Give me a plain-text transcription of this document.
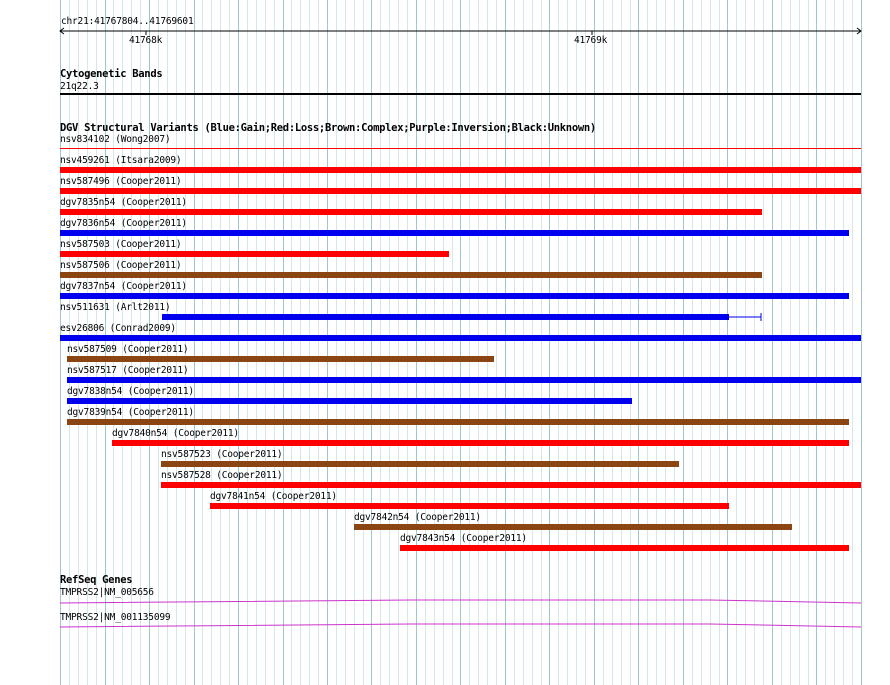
chr21:41767804..41769601
41768k	41769k
Cytogenetic Bands
21q22.3
DGV Structural Variants (Blue:Gain;Red:Loss;Brown:Complex;Purple:Inversion;Black:Unknown)
nsv834102 (Wong2007)
nsv459261 (Itsara2009)
nsv587496 (Cooper2011)
dgv7835n54 (Cooper2011)
dgv7836n54 (Cooper2011)
nsv587503 (Cooper2011)
nsv587506 (Cooper2011)
dgv7837n54 (Cooper2011)
nsv511631 (Arlt2011)
esv26806 (Conrad2009)
nsv587509 (Cooper2011)
nsv587517 (Cooper2011)
dgv7838n54 (Cooper2011)
dgv7839n54 (Cooper2011)
dgv7840n54 (Cooper2011)
nsv587523 (Cooper2011)
nsv587528 (Cooper2011)
dgv7841n54 (Cooper2011)
dgv7842n54 (Cooper2011)
dgv7843n54 (Cooper2011)
RefSeq Genes
TMPRSS2|NM_005656
TMPRSS2|NM_001135099
